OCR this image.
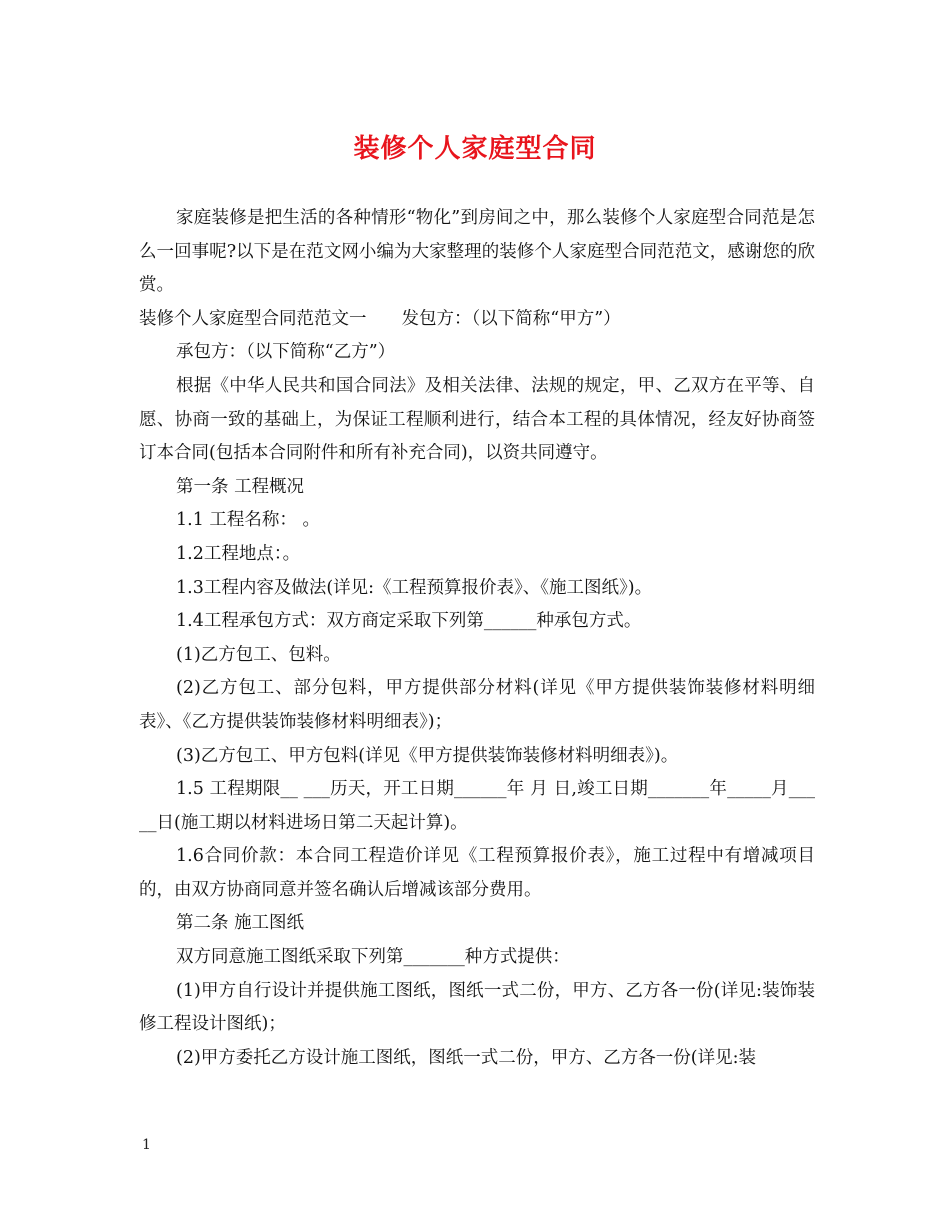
装修个人家庭型合同

家庭装修是把生活的各种情形“物化”到房间之中，那么装修个人家庭型合同范是怎么一回事呢?以下是在范文网小编为大家整理的装修个人家庭型合同范范文，感谢您的欣赏。

装修个人家庭型合同范范文一　　发包方：（以下简称“甲方”）

承包方：（以下简称“乙方”）

根据《中华人民共和国合同法》及相关法律、法规的规定，甲、乙双方在平等、自愿、协商一致的基础上，为保证工程顺利进行，结合本工程的具体情况，经友好协商签订本合同(包括本合同附件和所有补充合同)，以资共同遵守。

第一条 工程概况

1.1 工程名称： 。

1.2工程地点：。

1.3工程内容及做法(详见:《工程预算报价表》、《施工图纸》)。

1.4工程承包方式：双方商定采取下列第______种承包方式。

(1)乙方包工、包料。

(2)乙方包工、部分包料，甲方提供部分材料(详见《甲方提供装饰装修材料明细表》、《乙方提供装饰装修材料明细表》)；

(3)乙方包工、甲方包料(详见《甲方提供装饰装修材料明细表》)。

1.5 工程期限__ ___历天，开工日期______年 月 日,竣工日期_______年_____月_____日(施工期以材料进场日第二天起计算)。

1.6合同价款：本合同工程造价详见《工程预算报价表》，施工过程中有增减项目的，由双方协商同意并签名确认后增减该部分费用。

第二条 施工图纸

双方同意施工图纸采取下列第_______种方式提供：

(1)甲方自行设计并提供施工图纸，图纸一式二份，甲方、乙方各一份(详见:装饰装修工程设计图纸)；

(2)甲方委托乙方设计施工图纸，图纸一式二份，甲方、乙方各一份(详见:装

1
